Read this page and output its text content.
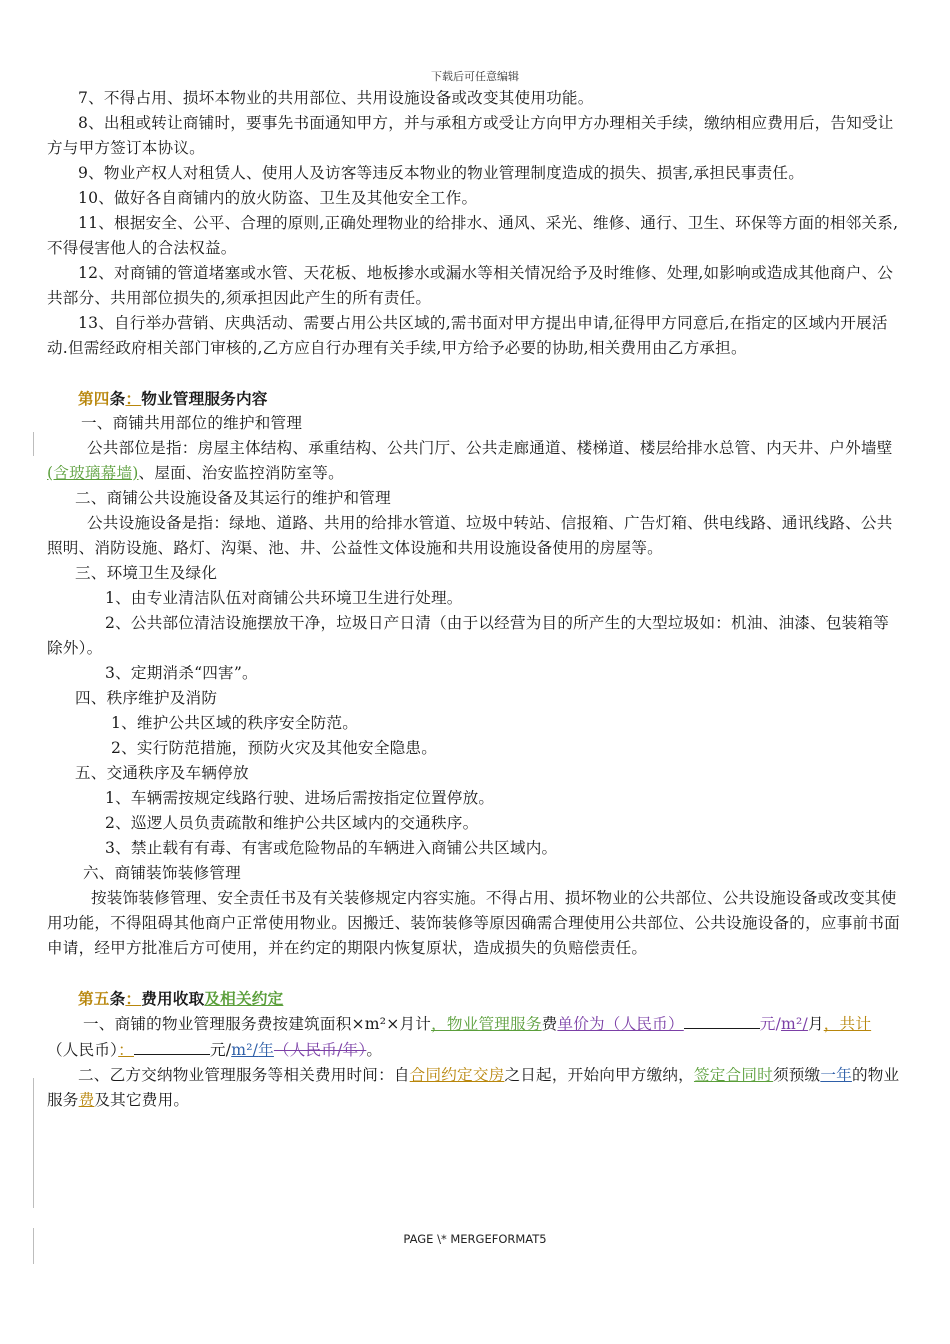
下载后可任意编辑

7、不得占用、损坏本物业的共用部位、共用设施设备或改变其使用功能。

8、出租或转让商铺时，要事先书面通知甲方，并与承租方或受让方向甲方办理相关手续，缴纳相应费用后，告知受让方与甲方签订本协议。

9、物业产权人对租赁人、使用人及访客等违反本物业的物业管理制度造成的损失、损害,承担民事责任。

10、做好各自商铺内的放火防盗、卫生及其他安全工作。

11、根据安全、公平、合理的原则,正确处理物业的给排水、通风、采光、维修、通行、卫生、环保等方面的相邻关系,不得侵害他人的合法权益。

12、对商铺的管道堵塞或水管、天花板、地板掺水或漏水等相关情况给予及时维修、处理,如影响或造成其他商户、公共部分、共用部位损失的,须承担因此产生的所有责任。

13、自行举办营销、庆典活动、需要占用公共区域的,需书面对甲方提出申请,征得甲方同意后,在指定的区域内开展活动.但需经政府相关部门审核的,乙方应自行办理有关手续,甲方给予必要的协助,相关费用由乙方承担。

第四条：物业管理服务内容

一、商铺共用部位的维护和管理

公共部位是指：房屋主体结构、承重结构、公共门厅、公共走廊通道、楼梯道、楼层给排水总管、内天井、户外墙壁(含玻璃幕墙)、屋面、治安监控消防室等。

二、商铺公共设施设备及其运行的维护和管理

公共设施设备是指：绿地、道路、共用的给排水管道、垃圾中转站、信报箱、广告灯箱、供电线路、通讯线路、公共照明、消防设施、路灯、沟渠、池、井、公益性文体设施和共用设施设备使用的房屋等。

三、环境卫生及绿化

1、由专业清洁队伍对商铺公共环境卫生进行处理。

2、公共部位清洁设施摆放干净，垃圾日产日清（由于以经营为目的所产生的大型垃圾如：机油、油漆、包装箱等除外）。

3、定期消杀“四害”。

四、秩序维护及消防

1、维护公共区域的秩序安全防范。

2、实行防范措施，预防火灾及其他安全隐患。

五、交通秩序及车辆停放

1、车辆需按规定线路行驶、进场后需按指定位置停放。

2、巡逻人员负责疏散和维护公共区域内的交通秩序。

3、禁止载有有毒、有害或危险物品的车辆进入商铺公共区域内。

六、商铺装饰装修管理

按装饰装修管理、安全责任书及有关装修规定内容实施。不得占用、损坏物业的公共部位、公共设施设备或改变其使用功能，不得阻碍其他商户正常使用物业。因搬迁、装饰装修等原因确需合理使用公共部位、公共设施设备的，应事前书面申请，经甲方批准后方可使用，并在约定的期限内恢复原状，造成损失的负赔偿责任。

第五条：费用收取及相关约定

一、商铺的物业管理服务费按建筑面积×m²×月计，物业管理服务费单价为（人民币）	元/m²/月，共计（人民币）：	元/m²/年（人民币/年）。

二、乙方交纳物业管理服务等相关费用时间：自合同约定交房之日起，开始向甲方缴纳，签定合同时须预缴一年的物业服务费及其它费用。

PAGE \* MERGEFORMAT5
